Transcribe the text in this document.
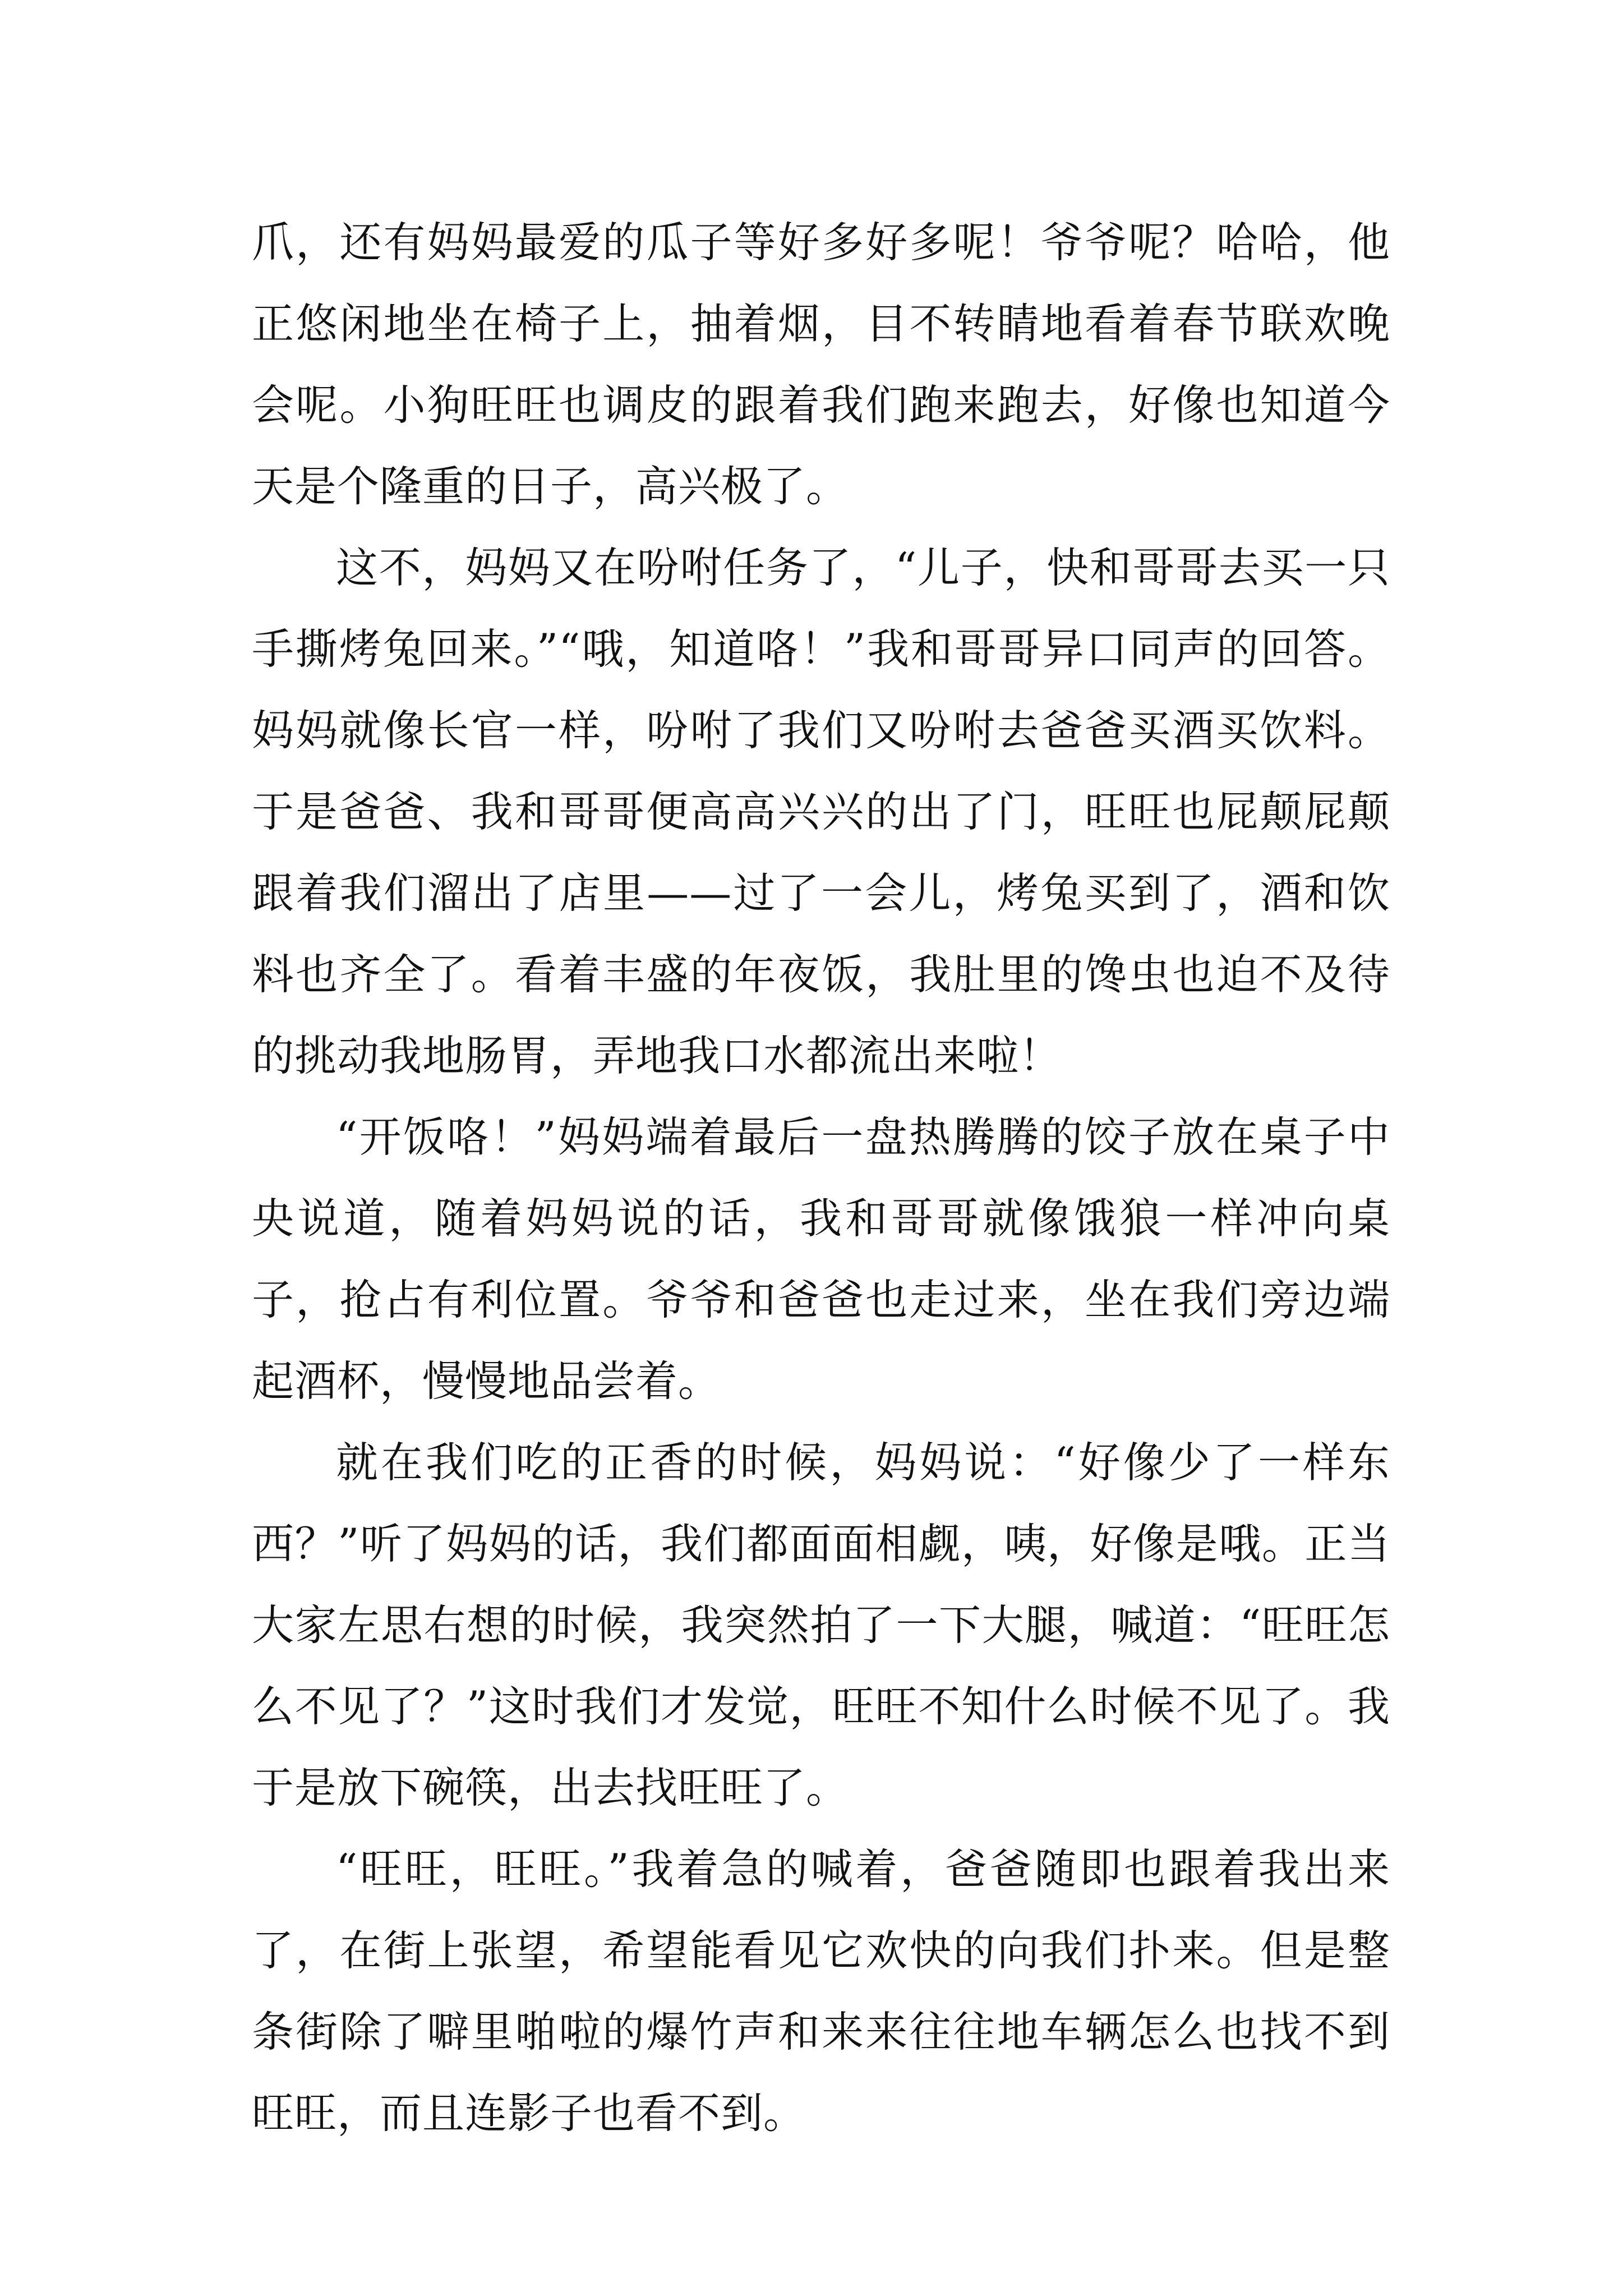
爪，还有妈妈最爱的瓜子等好多好多呢！爷爷呢？哈哈，他正悠闲地坐在椅子上，抽着烟，目不转睛地看着春节联欢晚会呢。小狗旺旺也调皮的跟着我们跑来跑去，好像也知道今天是个隆重的日子，高兴极了。

这不，妈妈又在吩咐任务了，“儿子，快和哥哥去买一只手撕烤兔回来。”“哦，知道咯！”我和哥哥异口同声的回答。妈妈就像长官一样，吩咐了我们又吩咐去爸爸买酒买饮料。于是爸爸、我和哥哥便高高兴兴的出了门，旺旺也屁颠屁颠跟着我们溜出了店里——过了一会儿，烤兔买到了，酒和饮料也齐全了。看着丰盛的年夜饭，我肚里的馋虫也迫不及待的挑动我地肠胃，弄地我口水都流出来啦！

“开饭咯！”妈妈端着最后一盘热腾腾的饺子放在桌子中央说道，随着妈妈说的话，我和哥哥就像饿狼一样冲向桌子，抢占有利位置。爷爷和爸爸也走过来，坐在我们旁边端起酒杯，慢慢地品尝着。

就在我们吃的正香的时候，妈妈说：“好像少了一样东西？”听了妈妈的话，我们都面面相觑，咦，好像是哦。正当大家左思右想的时候，我突然拍了一下大腿，喊道：“旺旺怎么不见了？”这时我们才发觉，旺旺不知什么时候不见了。我于是放下碗筷，出去找旺旺了。

“旺旺，旺旺。”我着急的喊着，爸爸随即也跟着我出来了，在街上张望，希望能看见它欢快的向我们扑来。但是整条街除了噼里啪啦的爆竹声和来来往往地车辆怎么也找不到旺旺，而且连影子也看不到。
